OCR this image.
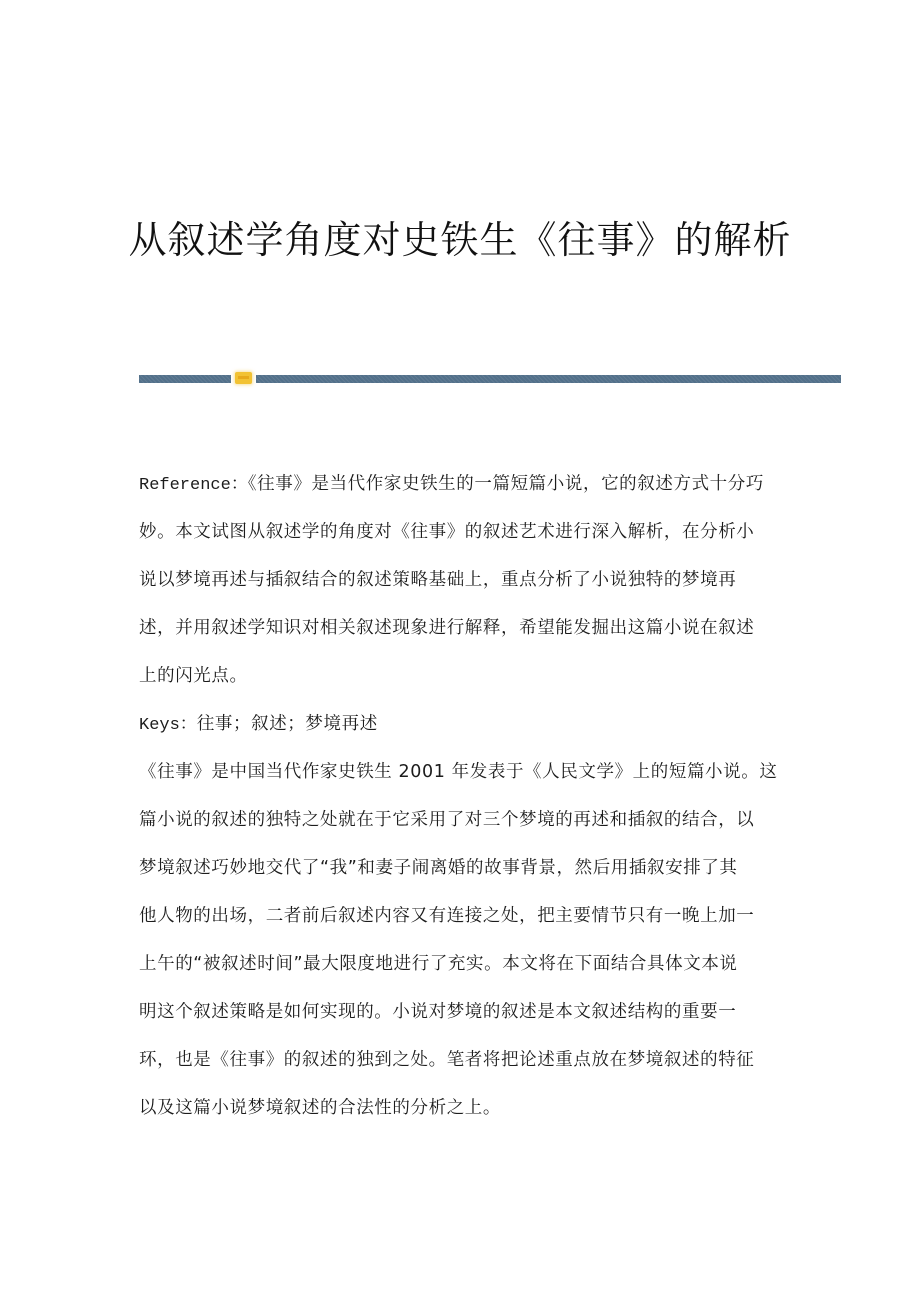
从叙述学角度对史铁生《往事》的解析

Reference：《往事》是当代作家史铁生的一篇短篇小说，它的叙述方式十分巧
妙。本文试图从叙述学的角度对《往事》的叙述艺术进行深入解析，在分析小
说以梦境再述与插叙结合的叙述策略基础上，重点分析了小说独特的梦境再
述，并用叙述学知识对相关叙述现象进行解释，希望能发掘出这篇小说在叙述
上的闪光点。

Keys：往事；叙述；梦境再述

《往事》是中国当代作家史铁生 2001 年发表于《人民文学》上的短篇小说。这
篇小说的叙述的独特之处就在于它采用了对三个梦境的再述和插叙的结合，以
梦境叙述巧妙地交代了“我”和妻子闹离婚的故事背景，然后用插叙安排了其
他人物的出场，二者前后叙述内容又有连接之处，把主要情节只有一晚上加一
上午的“被叙述时间”最大限度地进行了充实。本文将在下面结合具体文本说
明这个叙述策略是如何实现的。小说对梦境的叙述是本文叙述结构的重要一
环，也是《往事》的叙述的独到之处。笔者将把论述重点放在梦境叙述的特征
以及这篇小说梦境叙述的合法性的分析之上。
